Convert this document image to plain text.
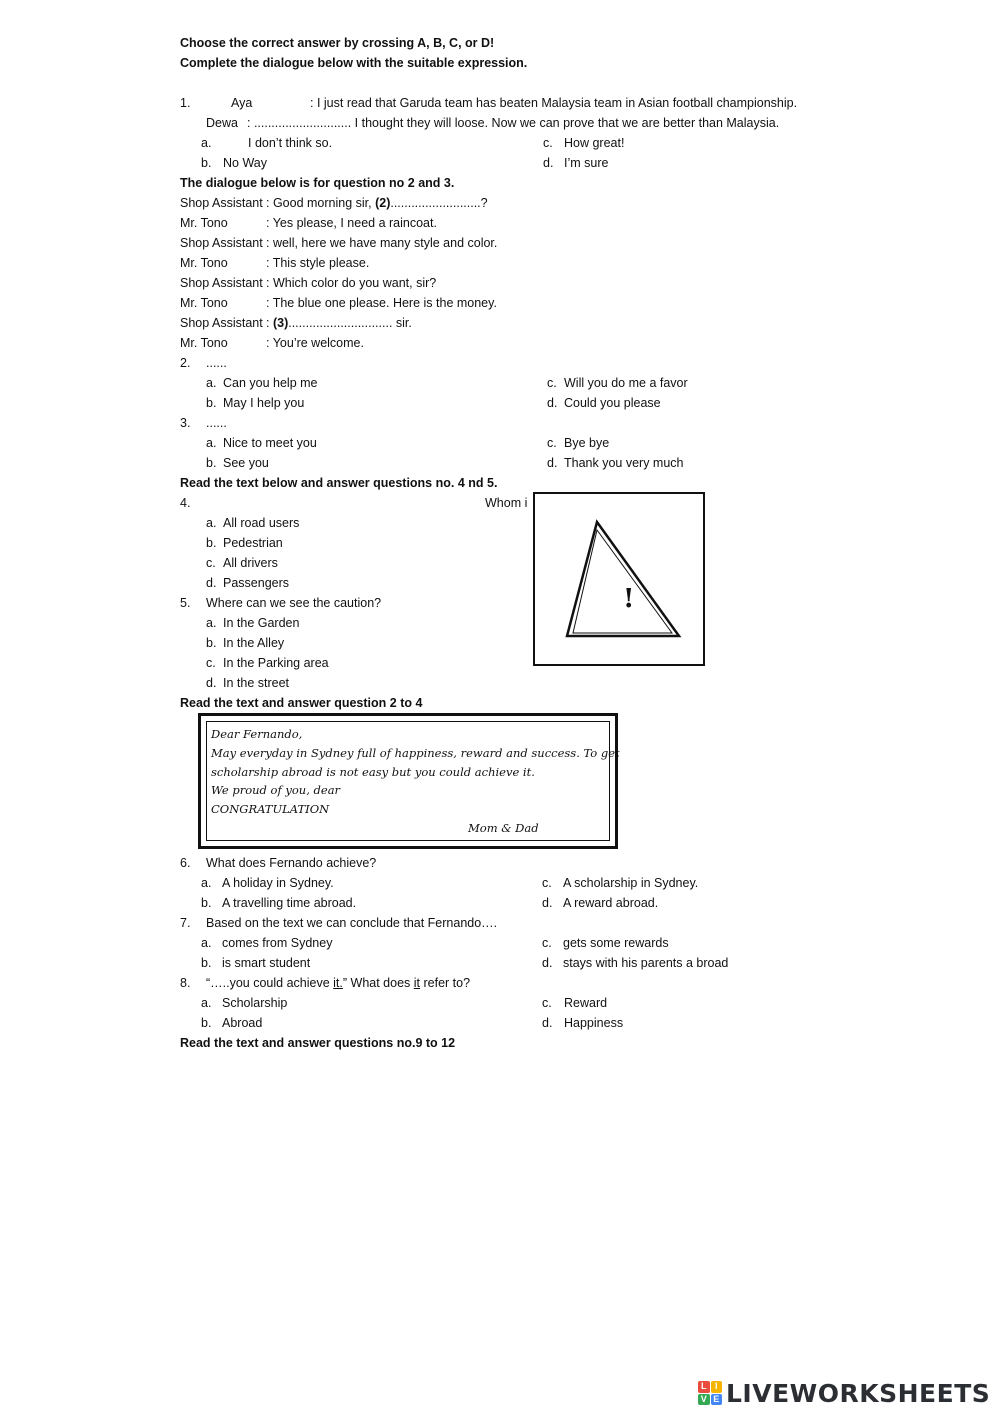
Choose the correct answer by crossing A, B, C, or D!
Complete the dialogue below with the suitable expression.
1.	Aya	: I just read that Garuda team has beaten Malaysia team in Asian football championship.
Dewa : ............................ I thought they will loose. Now we can prove that we are better than Malaysia.
a.	I don’t think so.
b. No Way
c. How great!
d. I’m sure
The dialogue below is for question no 2 and 3.
Shop Assistant : Good morning sir, (2)..........................?
Mr. Tono	: Yes please, I need a raincoat.
Shop Assistant : well, here we have many style and color.
Mr. Tono	: This style please.
Shop Assistant : Which color do you want, sir?
Mr. Tono	: The blue one please. Here is the money.
Shop Assistant : (3).............................. sir.
Mr. Tono	: You’re welcome.
2. ......
a. Can you help me
b. May I help you
c. Will you do me a favor
d. Could you please
3. ......
a. Nice to meet you
b. See you
c. Bye bye
d. Thank you very much
Read the text below and answer questions no. 4 nd 5.
4.	Whom i
a. All road users
b. Pedestrian
c. All drivers
d. Passengers
5. Where can we see the caution?
a. In the Garden
b. In the Alley
c. In the Parking area
d. In the street
!
Read the text and answer question 2 to 4
Dear Fernando,
May everyday in Sydney full of happiness, reward and success. To get
scholarship abroad is not easy but you could achieve it.
We proud of you, dear
CONGRATULATION
Mom & Dad
6. What does Fernando achieve?
a. A holiday in Sydney.
b. A travelling time abroad.
c. A scholarship in Sydney.
d. A reward abroad.
7. Based on the text we can conclude that Fernando….
a. comes from Sydney
b. is smart student
c. gets some rewards
d. stays with his parents a broad
8. “…..you could achieve it.” What does it refer to?
a. Scholarship
b. Abroad
c. Reward
d. Happiness
Read the text and answer questions no.9 to 12
L I
V E LIVEWORKSHEETS
